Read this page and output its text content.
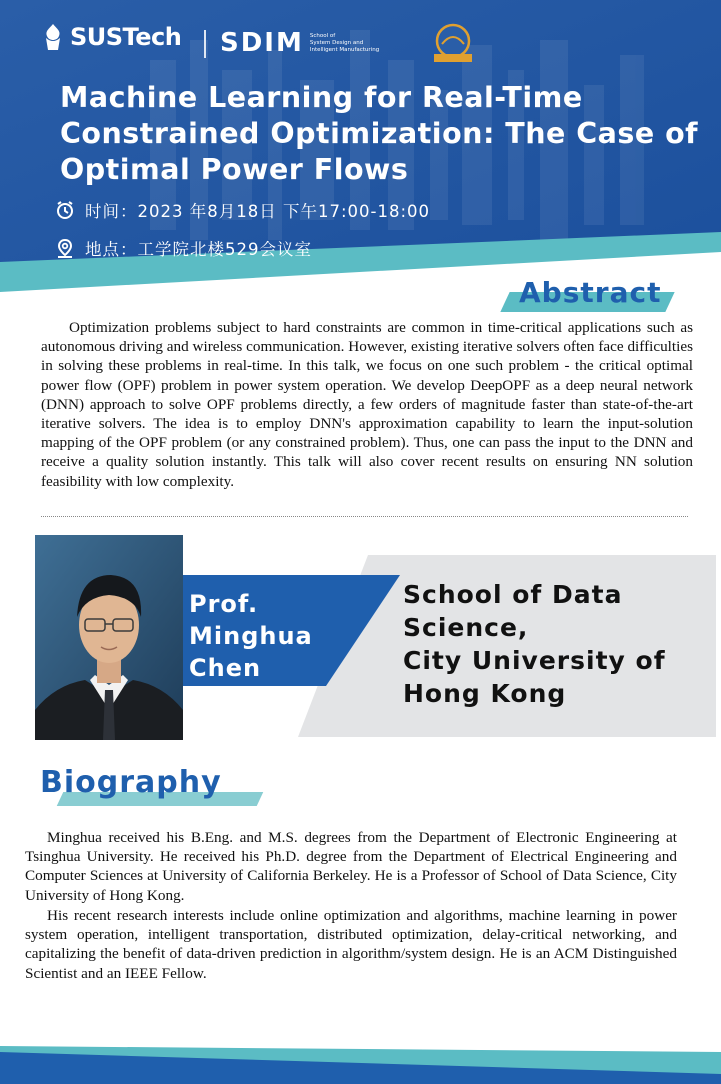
SUSTech SDIM School of
System Design and
Intelligent Manufacturing
Machine Learning for Real-Time Constrained Optimization: The Case of Optimal Power Flows
时间：2023 年8月18日 下午17:00-18:00
地点：工学院北楼529会议室
Abstract

Optimization problems subject to hard constraints are common in time-critical applications such as autonomous driving and wireless communication. However, existing iterative solvers often face difficulties in solving these problems in real-time. In this talk, we focus on one such problem - the critical optimal power flow (OPF) problem in power system operation. We develop DeepOPF as a deep neural network (DNN) approach to solve OPF problems directly, a few orders of magnitude faster than state-of-the-art iterative solvers. The idea is to employ DNN's approximation capability to learn the input-solution mapping of the OPF problem (or any constrained problem). Thus, one can pass the input to the DNN and receive a quality solution instantly. This talk will also cover recent results on ensuring NN solution feasibility with low complexity.

Prof.
Minghua
Chen
School of Data
Science,
City University of
Hong Kong
Biography

Minghua received his B.Eng. and M.S. degrees from the Department of Electronic Engineering at Tsinghua University. He received his Ph.D. degree from the Department of Electrical Engineering and Computer Sciences at University of California Berkeley. He is a Professor of School of Data Science, City University of Hong Kong.

His recent research interests include online optimization and algorithms, machine learning in power system operation, intelligent transportation, distributed optimization, delay-critical networking, and capitalizing the benefit of data-driven prediction in algorithm/system design. He is an ACM Distinguished Scientist and an IEEE Fellow.
